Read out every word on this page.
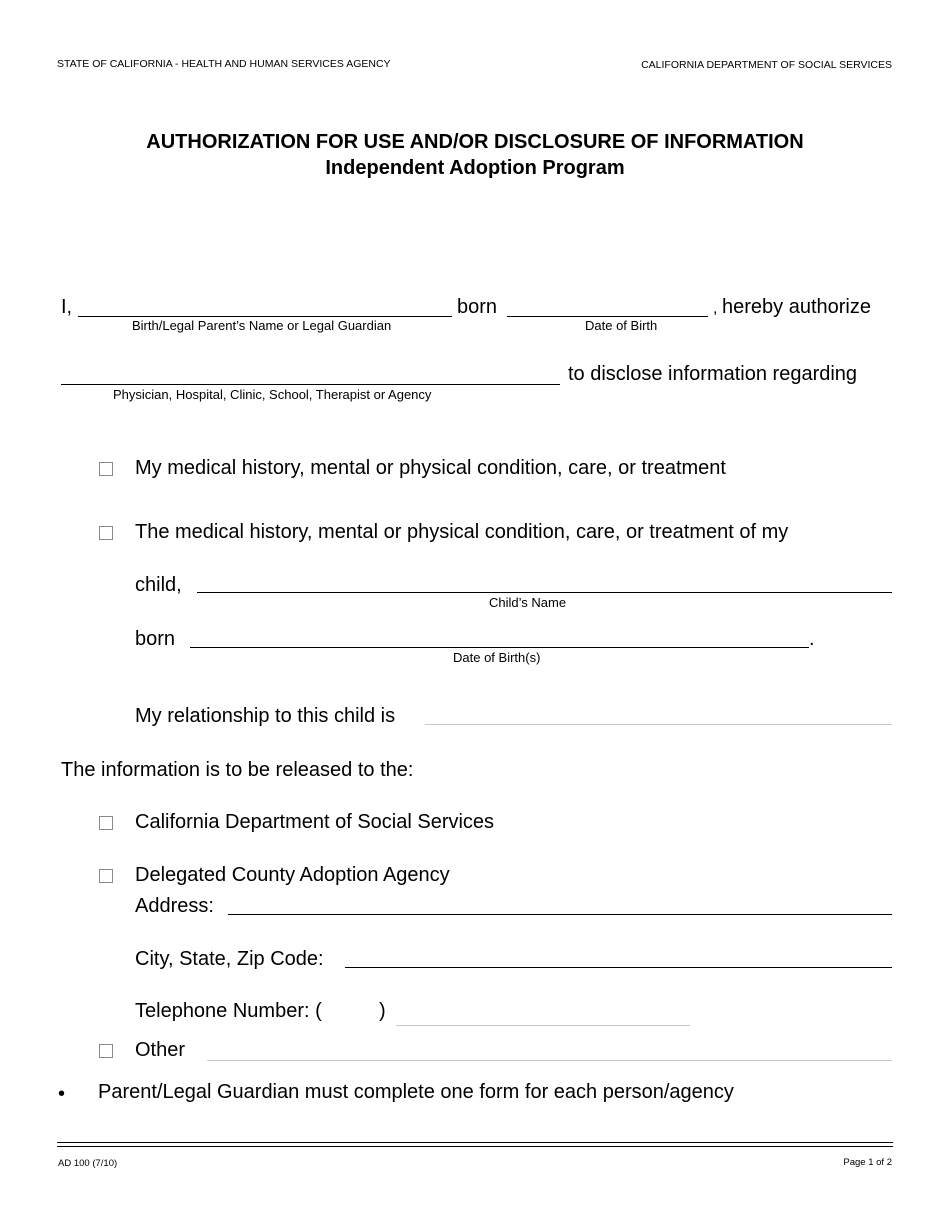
STATE OF CALIFORNIA - HEALTH AND HUMAN SERVICES AGENCY	CALIFORNIA DEPARTMENT OF SOCIAL SERVICES
AUTHORIZATION FOR USE AND/OR DISCLOSURE OF INFORMATION
Independent Adoption Program
I,
Birth/Legal Parent’s Name or Legal Guardian
born
Date of Birth
, hereby authorize
Physician, Hospital, Clinic, School, Therapist or Agency
to disclose information regarding
My medical history, mental or physical condition, care, or treatment
The medical history, mental or physical condition, care, or treatment of my
child,
Child’s Name
born	.
Date of Birth(s)
My relationship to this child is
The information is to be released to the:
California Department of Social Services
Delegated County Adoption Agency
Address:
City, State, Zip Code:
Telephone Number: (	)
Other
• Parent/Legal Guardian must complete one form for each person/agency
AD 100 (7/10)	Page 1 of 2
